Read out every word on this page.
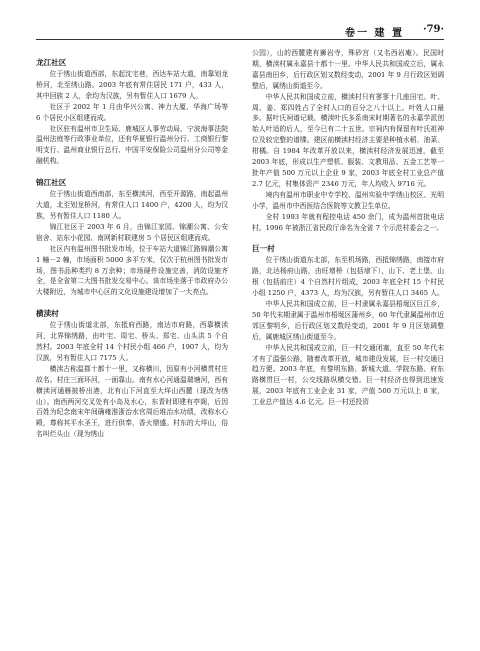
卷一 建 置 ·79·
龙江社区

位于绣山街道西部，东起沈宅巷，西达车站大道，南靠划龙桥河，北至绣山路。2003 年底有常住居民 171 户，433 人，其中回族 2 人，余均为汉族，另有暂住人口 1679 人。

社区于 2002 年 1 月由华兴公寓、神力大厦、华海广场等 6 个居民小区组建而成。

社区驻有温州市卫生局、鹿城区人事劳动局、宁波海事法院温州法庭等行政事业单位，还有华夏银行温州分行、工商银行黎明支行、温州商业银行总行、中国平安保险公司温州分公司等金融机构。

锦江社区

位于绣山街道西南部，东至横渎河，西至开源路，南起温州大道，北至划龙桥河，有常住人口 1400 户，4200 人，均为汉族，另有暂住人口 1180 人。

锦江社区于 2003 年 6 月，由锦江家园、锦潮公寓、公安宿舍、站东小花园、南网新村联建房 5 个居民区组建而成。

社区内有温州图书批发市场，位于车站大道锦江路锦潮公寓 1 幢－2 幢，市场面积 5000 多平方米，仅次于杭州图书批发市场，图书品种类约 8 万余种；市场硬件设施完善，消防设施齐全，是全省第二大图书批发交易中心。该市场坐落于市政府办公大楼附近，为城市中心区的文化设施建设增加了一大亮点。

横渎村

位于绣山街道北部，东抵府西路，南达市府路，西靠横渎河，北界锦绣路，由叶宅、周宅、桥头、郑宅、山头洪 5 个自然村。2003 年底全村 14 个村民小组 466 户，1907 人，均为汉族，另有暂住人口 7175 人。

横渎古称温郡十都十一里，又称横川，因原有小河横贯村庄故名。村庄三面环河，一面靠山。南有水心河通温瑞塘河，西有横渎河通雁披桥出港，北有山下河直至大垟山西麓（现改为绣山）。南西两河交叉处有小岛及水心，东青时即建有亭阁，后因百姓为纪念南宋年间确雍淮浙治水官周后堆治水功绩，改称水心殿，尊称其平水圣王，进行供奉，香火鼎盛。村东的大垟山，俗名叫烂头山（现为绣山

公园），山的西麓建有狮岩寺，殊砂宫（又名西岩庵）。民国时期，横渎村属永嘉县十都十一里。中华人民共和国成立后，属永嘉县南田乡，后行政区划又数经变动，2001 年 9 月行政区划调整后，属绣山街道至今。

中华人民共和国成立前，横渎村只有寥寥十几座田宅。叶、周、姜、郑四姓占了全村人口的百分之八十以上。叶姓人口最多。据叶氏祠谱记载，横渎叶氏多系南宋时期著名的永嘉学派创始人叶适的后人，至今已有二十五世。宗祠内有保留有叶氏祖神位及较完整的谱牒。建区前横渎村经济主要是种植水稻、油菜、柑橘。自 1984 年改革开放以来，横渎村经济发展迅速，截至 2003 年底，形成以生产塑机、服装、文教用品、五金工艺等一批年产值 500 万元以上企业 9 家，2003 年底全村工业总产值 2.7 亿元，村集体资产 2346 万元，年人均收入 9716 元。

境内有温州市职业中专学校、温州实验中学绣山校区、光明小学，温州市中西医结合医院等文教卫生单位。

全村 1993 年就有程控电话 450 余门，成为温州首批电话村。1996 年被浙江省民政厅命名为全省 7 个示范村委会之一。

巨一村

位于绣山街道东北部，东至机场路，西抵锦绣路，南接市府路，北达杨府山路，由旺增桥（包括埭下），山下、老上堡、山根（包括前庄）4 个自然村片组成，2003 年底全村 15 个村民小组 1250 户，4373 人，均为汉族，另有暂住人口 3465 人。

中华人民共和国成立前，巨一村隶属永嘉县梧埏区巨江乡，50 年代末期隶属于温州市梧埏区蒲州乡，60 年代隶属温州市近郊区黎明乡，后行政区划又数经变动，2001 年 9 月区划调整后，属鹿城区绣山街道至今。

中华人民共和国成立前，巨一村交通闭塞，直至 50 年代末才有了温强公路，随着改革开放，城市建设发展，巨一村交通日趋方便。2003 年底，有黎明东路、新城大道、学院东路、府东路横贯巨一村，公交线路纵横交错。巨一村经济也得到迅速发展，2003 年底有工业企业 31 家，产值 500 万元以上 8 家，工业总产值达 4.6 亿元。巨一村还投资
